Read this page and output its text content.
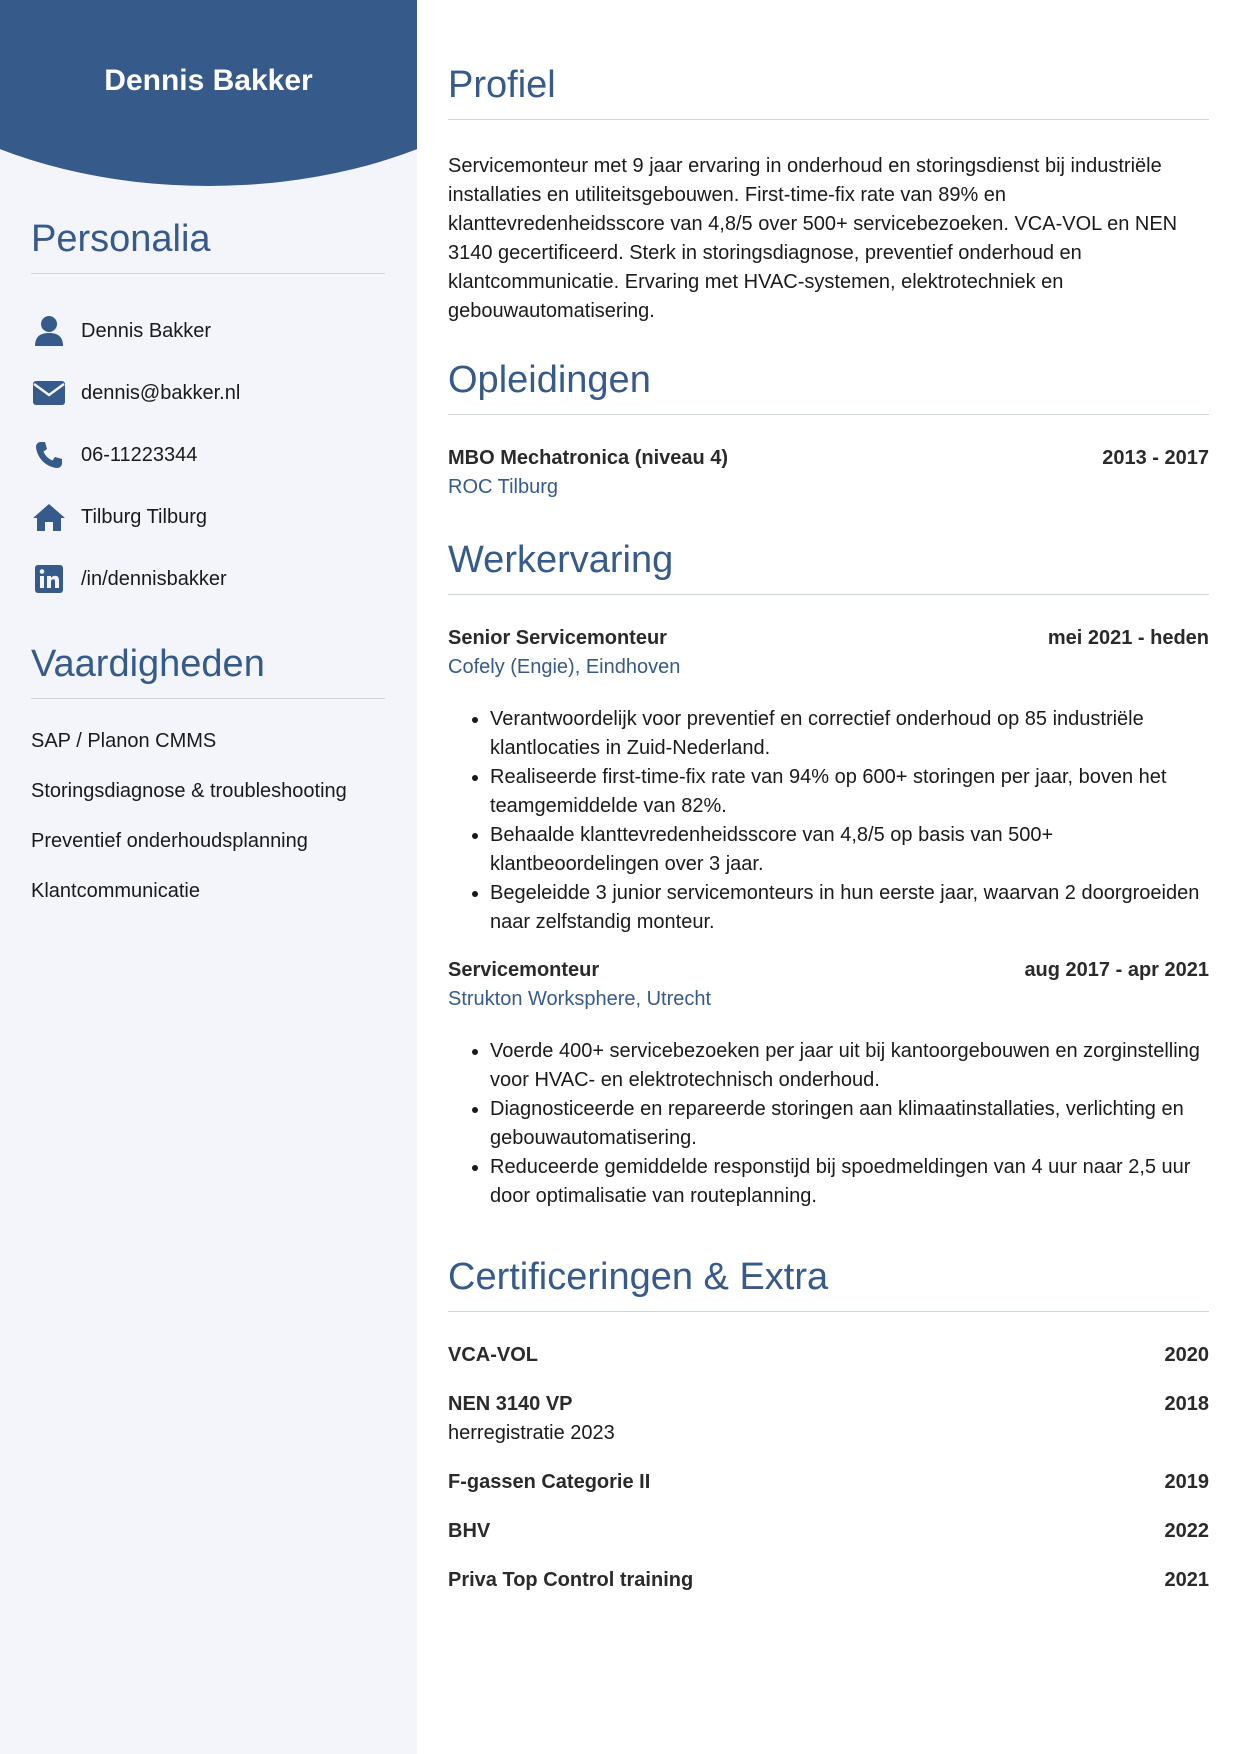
Dennis Bakker
Personalia
Dennis Bakker
dennis@bakker.nl
06-11223344
Tilburg Tilburg
/in/dennisbakker
Vaardigheden
SAP / Planon CMMS
Storingsdiagnose & troubleshooting
Preventief onderhoudsplanning
Klantcommunicatie
Profiel

Servicemonteur met 9 jaar ervaring in onderhoud en storingsdienst bij industriële installaties en utiliteitsgebouwen. First-time-fix rate van 89% en klanttevredenheidsscore van 4,8/5 over 500+ servicebezoeken. VCA-VOL en NEN 3140 gecertificeerd. Sterk in storingsdiagnose, preventief onderhoud en klantcommunicatie. Ervaring met HVAC-systemen, elektrotechniek en gebouwautomatisering.

Opleidingen
MBO Mechatronica (niveau 4)	2013 - 2017
ROC Tilburg
Werkervaring
Senior Servicemonteur	mei 2021 - heden
Cofely (Engie), Eindhoven
• Verantwoordelijk voor preventief en correctief onderhoud op 85 industriële klantlocaties in Zuid-Nederland.
• Realiseerde first-time-fix rate van 94% op 600+ storingen per jaar, boven het teamgemiddelde van 82%.
• Behaalde klanttevredenheidsscore van 4,8/5 op basis van 500+ klantbeoordelingen over 3 jaar.
• Begeleidde 3 junior servicemonteurs in hun eerste jaar, waarvan 2 doorgroeiden naar zelfstandig monteur.
Servicemonteur	aug 2017 - apr 2021
Strukton Worksphere, Utrecht
• Voerde 400+ servicebezoeken per jaar uit bij kantoorgebouwen en zorginstelling voor HVAC- en elektrotechnisch onderhoud.
• Diagnosticeerde en repareerde storingen aan klimaatinstallaties, verlichting en gebouwautomatisering.
• Reduceerde gemiddelde responstijd bij spoedmeldingen van 4 uur naar 2,5 uur door optimalisatie van routeplanning.
Certificeringen & Extra
VCA-VOL	2020
NEN 3140 VP	2018
herregistratie 2023
F-gassen Categorie II	2019
BHV	2022
Priva Top Control training	2021
